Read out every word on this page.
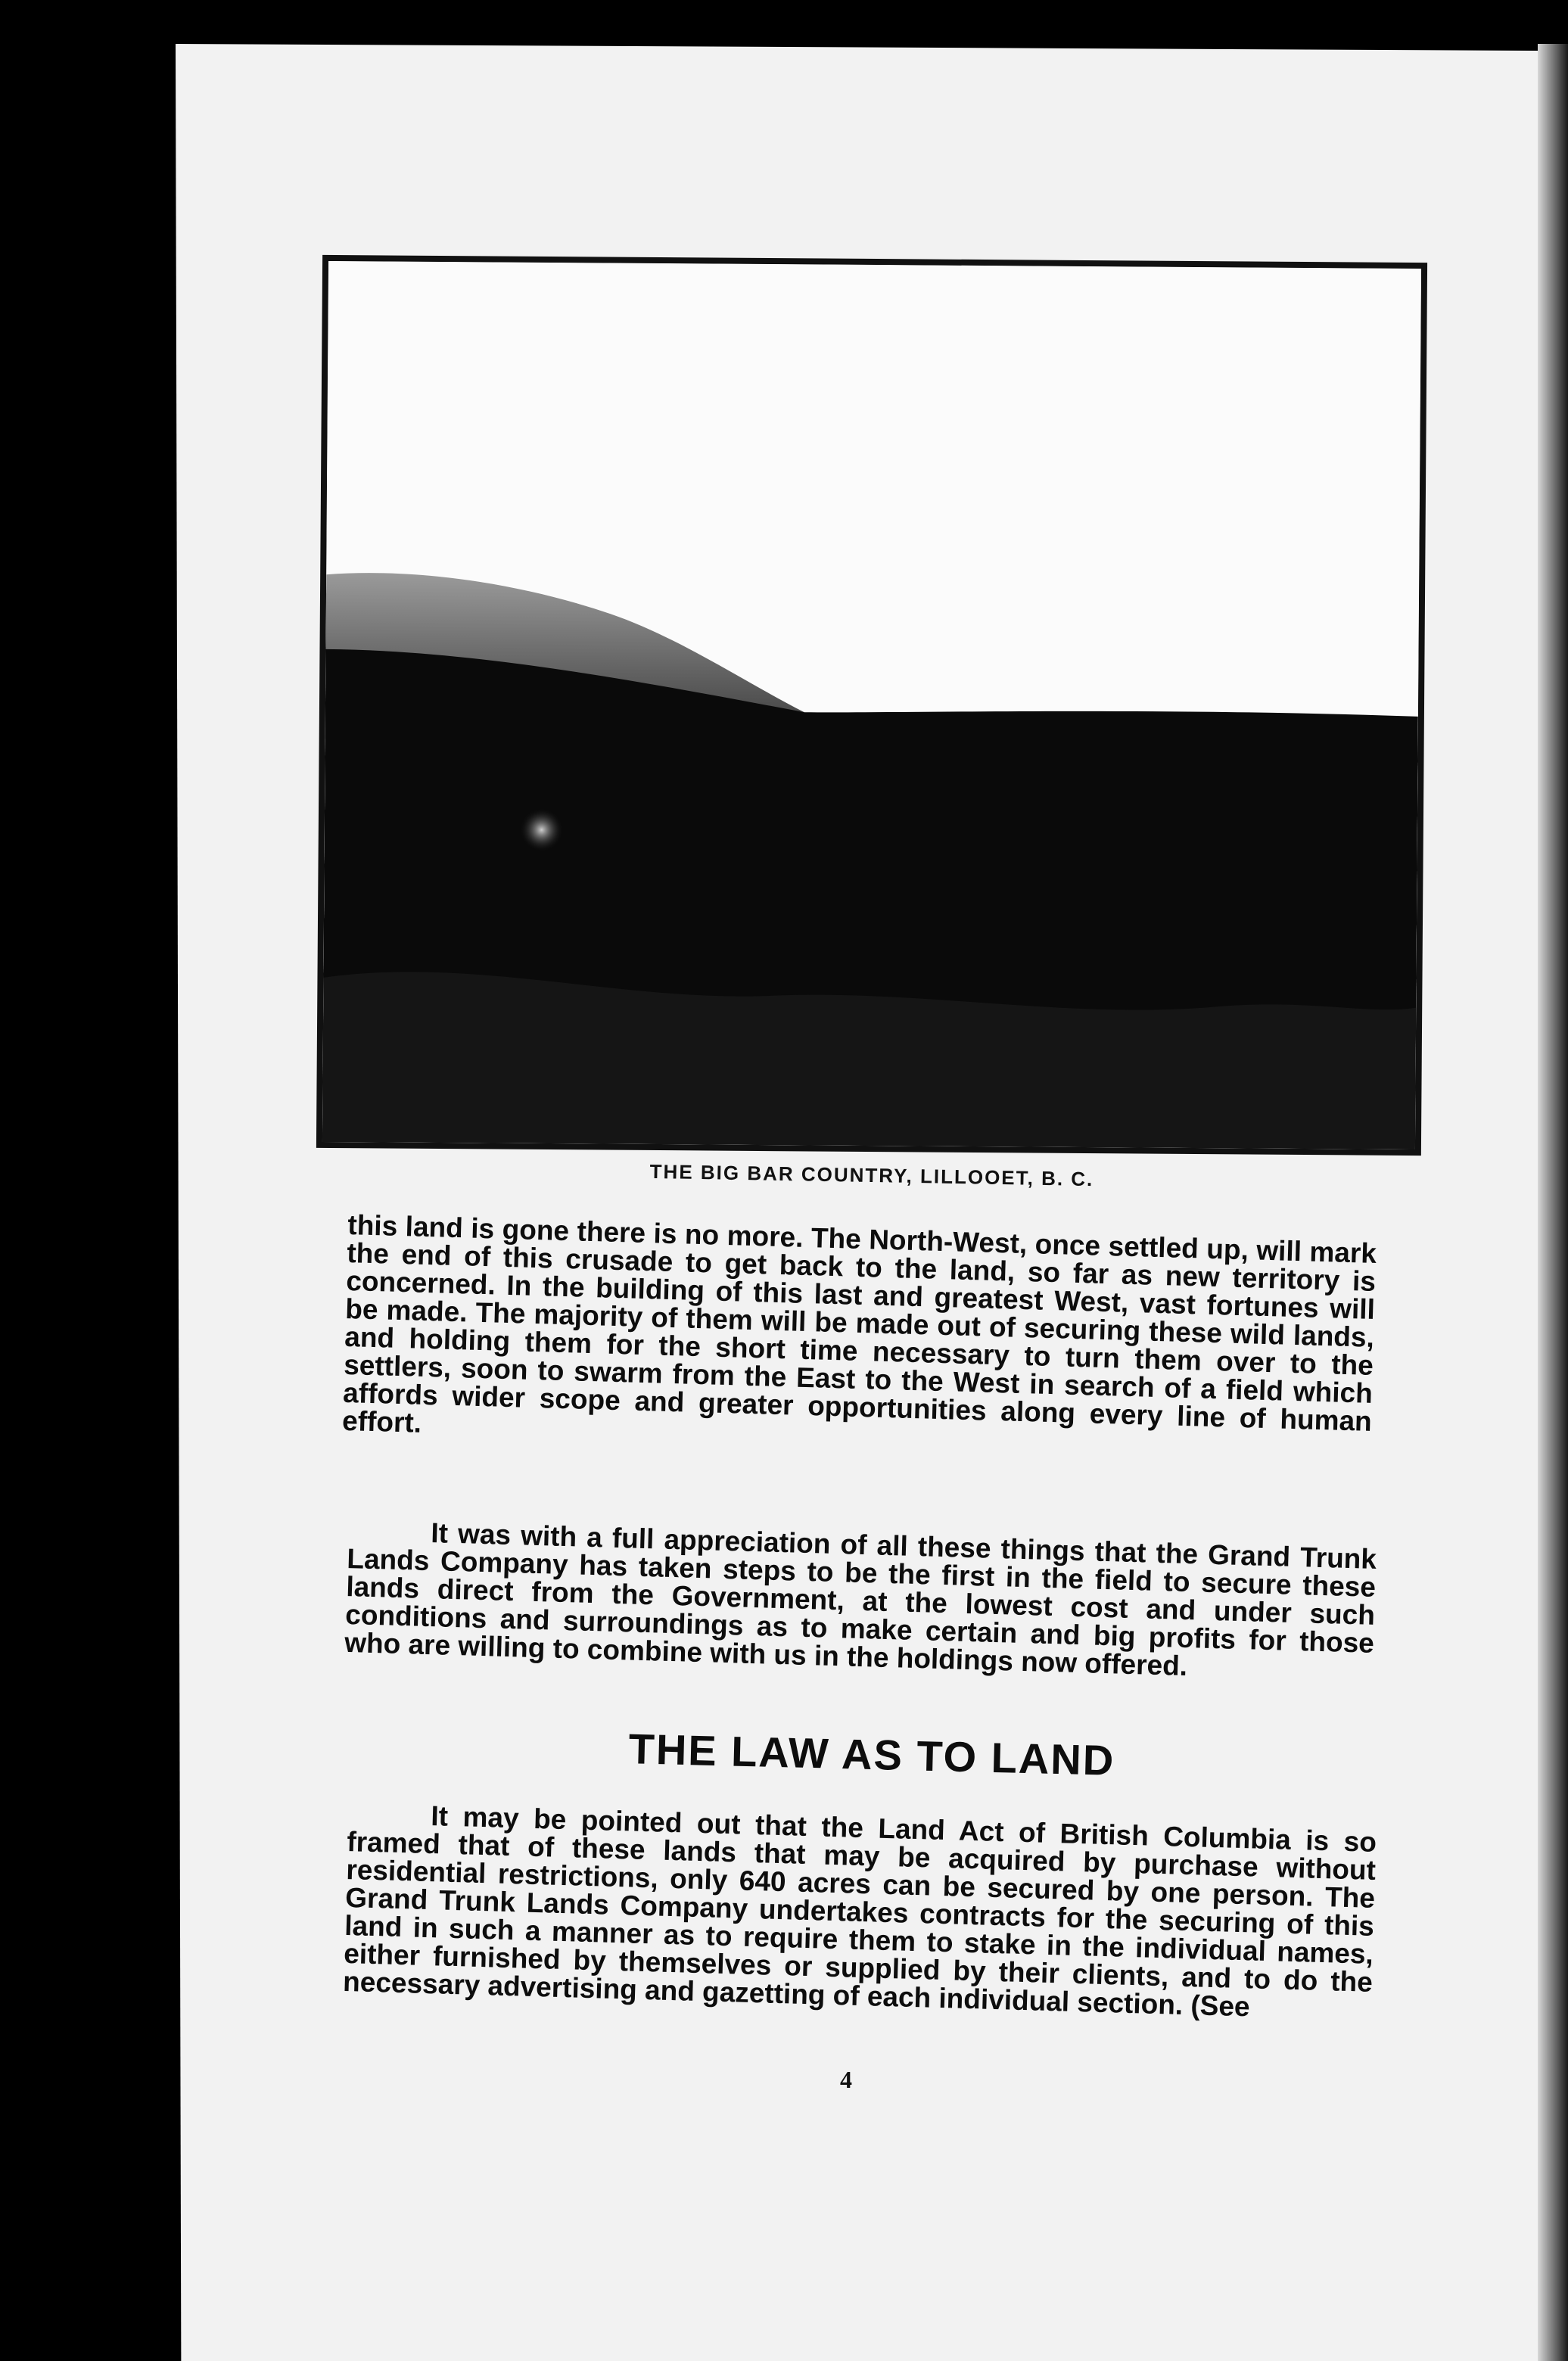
THE BIG BAR COUNTRY, LILLOOET, B. C.

this land is gone there is no more. The North-West, once settled up, will mark the end of this crusade to get back to the land, so far as new territory is concerned. In the building of this last and greatest West, vast fortunes will be made. The majority of them will be made out of securing these wild lands, and holding them for the short time necessary to turn them over to the settlers, soon to swarm from the East to the West in search of a field which affords wider scope and greater opportunities along every line of human effort.

It was with a full appreciation of all these things that the Grand Trunk Lands Company has taken steps to be the first in the field to secure these lands direct from the Government, at the lowest cost and under such conditions and surroundings as to make certain and big profits for those who are willing to combine with us in the holdings now offered.

THE LAW AS TO LAND

It may be pointed out that the Land Act of British Columbia is so framed that of these lands that may be acquired by purchase without residential restrictions, only 640 acres can be secured by one person. The Grand Trunk Lands Company undertakes contracts for the securing of this land in such a manner as to require them to stake in the individual names, either furnished by themselves or supplied by their clients, and to do the necessary advertising and gazetting of each individual section. (See

4
